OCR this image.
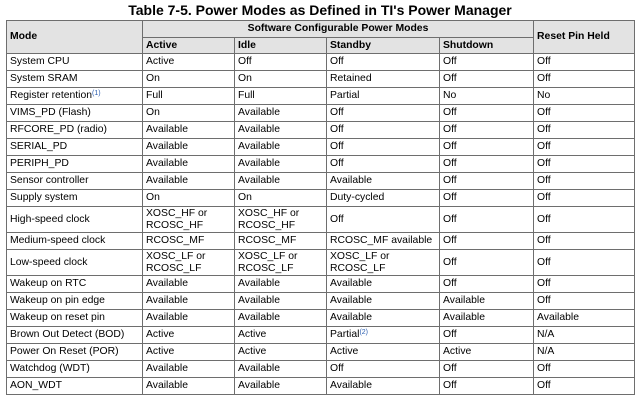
Table 7-5. Power Modes as Defined in TI's Power Manager
Mode	Software Configurable Power Modes				Reset Pin Held
	Active	Idle	Standby	Shutdown	
System CPU	Active	Off	Off	Off	Off
System SRAM	On	On	Retained	Off	Off
Register retention$^{(1)}$	Full	Full	Partial	No	No
VIMS_PD (Flash)	On	Available	Off	Off	Off
RFCORE_PD (radio)	Available	Available	Off	Off	Off
SERIAL_PD	Available	Available	Off	Off	Off
PERIPH_PD	Available	Available	Off	Off	Off
Sensor controller	Available	Available	Available	Off	Off
Supply system	On	On	Duty-cycled	Off	Off
High-speed clock	XOSC_HF or RCOSC_HF	XOSC_HF or RCOSC_HF	Off	Off	Off
Medium-speed clock	RCOSC_MF	RCOSC_MF	RCOSC_MF available	Off	Off
Low-speed clock	XOSC_LF or RCOSC_LF	XOSC_LF or RCOSC_LF	XOSC_LF or RCOSC_LF	Off	Off
Wakeup on RTC	Available	Available	Available	Off	Off
Wakeup on pin edge	Available	Available	Available	Available	Off
Wakeup on reset pin	Available	Available	Available	Available	Available
Brown Out Detect (BOD)	Active	Active	Partial$^{(2)}$	Off	N/A
Power On Reset (POR)	Active	Active	Active	Active	N/A
Watchdog (WDT)	Available	Available	Off	Off	Off
AON_WDT	Available	Available	Available	Off	Off
